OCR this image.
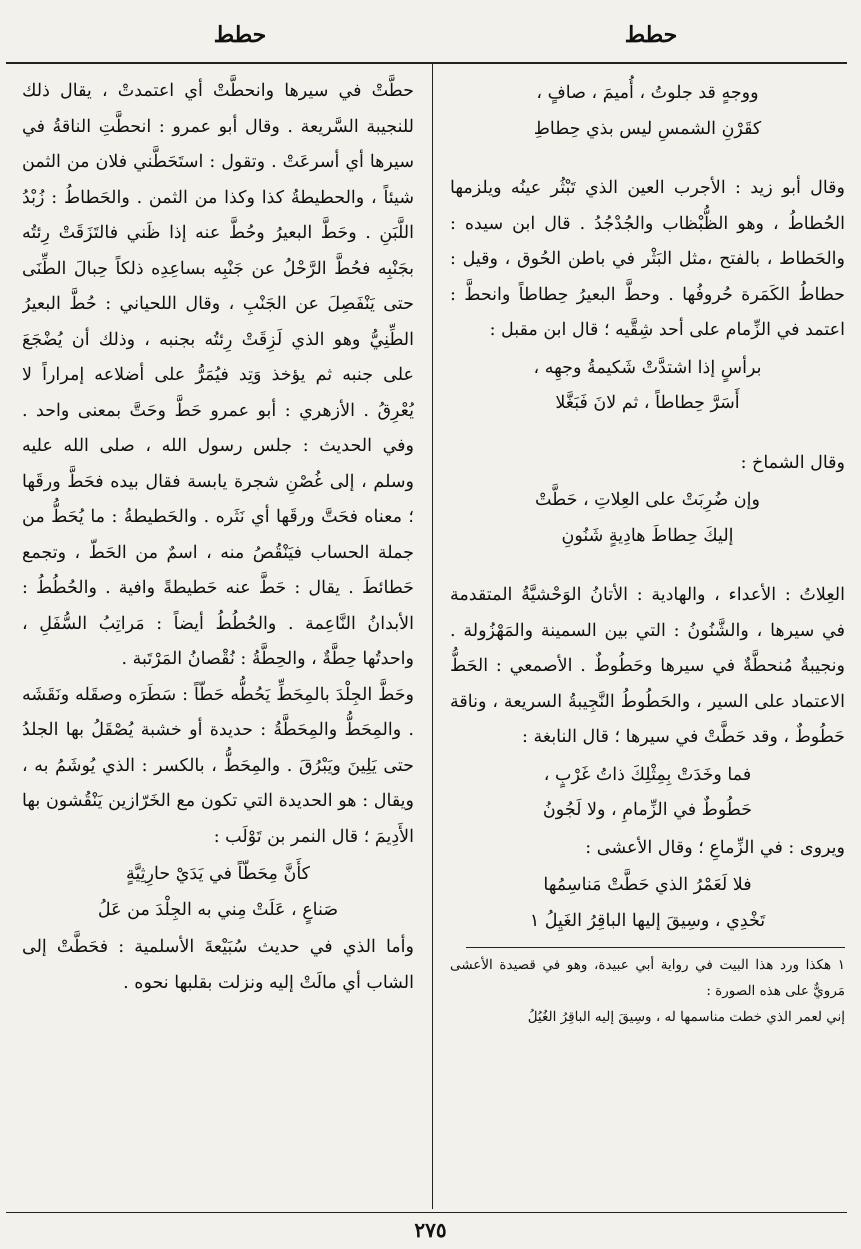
حطط
حطط
ووجهٍ قد جلوتُ ، أُميمَ ، صافٍ ،
كقَرْنِ الشمسِ ليس بذي حِطاطِ

وقال أبو زيد : الأجرب العين الذي تَبْثُر عينُه ويلزمها الحُطاطُ ، وهو الظُّبْظاب والجُدْجُدُ . قال ابن سيده : والحَطاط ، بالفتح ،مثل البَثْر في باطن الحُوق ، وقيل : حطاطُ الكَمَرة حُروفُها . وحطَّ البعيرُ حِطاطاً وانحطَّ : اعتمد في الزِّمام على أحد شِقَّيه ؛ قال ابن مقبل :

برأسٍ إذا اشتدَّتْ شَكيمةُ وجهِه ،
أَسَرَّ حِطاطاً ، ثم لانَ فَبَغَّلا

وقال الشماخ :

وإن ضُرِبَتْ على العِلاتِ ، حَطَّتْ
إليكَ حِطاطَ هادِيةٍ شَنُونِ

العِلاتُ : الأعداء ، والهادية : الأتانُ الوَحْشيَّةُ المتقدمة في سيرها ، والشَّنُونُ : التي بين السمينة والمَهْزُولة . ونجيبةٌ مُنحطَّةٌ في سيرها وحَطُوطٌ . الأصمعي : الحَطُّ الاعتماد على السير ، والحَطُوطُ النَّجِيبةُ السريعة ، وناقة حَطُوطٌ ، وقد حَطَّتْ في سيرها ؛ قال النابغة :

فما وخَدَتْ بِمِثْلِكَ ذاتُ غَرْبٍ ،
حَطُوطٌ في الزِّمامِ ، ولا لَجُونُ

ويروى : في الزِّماعِ ؛ وقال الأعشى :

فلا لَعَمْرُ الذي حَطَّتْ مَناسِمُها
تَخْدِي ، وسِيقَ إليها الباقِرُ الغَيِلُ ١
١ هكذا ورد هذا البيت في رواية أبي عبيدة، وهو في قصيدة الأعشى مَرويٌّ على هذه الصورة :
إني لعمر الذي خطت مناسمها له ، وسِيقَ إليه الباقِرُ الغُيُلُ

حطَّتْ في سيرها وانحطَّتْ أي اعتمدتْ ، يقال ذلك للنجيبة السَّريعة . وقال أبو عمرو : انحطَّتِ الناقةُ في سيرها أي أسرعَتْ . وتقول : استَحَطَّني فلان من الثمن شيئاً ، والحطيطةُ كذا وكذا من الثمن . والحَطاطُ : زُبْدُ اللَّبَنِ . وحَطَّ البعيرُ وحُطَّ عنه إذا ظَني فالتَزَقَتْ رِئتُه بجَنْبِه فحُطَّ الرَّحْلُ عن جَنْبِه بساعِدِه ذلكاً حِبالَ الطِّنَى حتى يَنْفَصِلَ عن الجَنْبِ ، وقال اللحياني : حُطَّ البعيرُ الطِّنِيُّ وهو الذي لَزِقَتْ رِئتُه بجنبه ، وذلك أن يُضْجَعَ على جنبه ثم يؤخذ وَتِد فيُمَرُّ على أضلاعه إمراراً لا يُعْرِقُ . الأزهري : أبو عمرو حَطَّ وحَتَّ بمعنى واحد . وفي الحديث : جلس رسول الله ، صلى الله عليه وسلم ، إلى غُصْنِ شجرة يابسة فقال بيده فحَطَّ ورقَها ؛ معناه فحَتَّ ورقَها أي نَثَره . والحَطيطةُ : ما يُحَطُّ من جملة الحساب فيَنْقُصُ منه ، اسمٌ من الحَطّ ، وتجمع حَطائطَ . يقال : حَطَّ عنه حَطيطةً وافية . والحُطُطُ : الأبدانُ النَّاعِمة . والحُطُطُ أيضاً : مَراتِبُ السُّفَلِ ، واحدتُها حِطَّةٌ ، والحِطَّةُ : نُقْصانُ المَرْتَبة .

وحَطَّ الجِلْدَ بالمِحَطِّ يَحُطُّه حَطّاً : سَطَرَه وصقَله ونَقَشَه . والمِحَطُّ والمِحَطَّةُ : حديدة أو خشبة يُصْقَلُ بها الجلدُ حتى يَلِينَ ويَبْرُقَ . والمِحَطُّ ، بالكسر : الذي يُوشَمُ به ، ويقال : هو الحديدة التي تكون مع الخَرّازين يَنْقُشون بها الأَدِيمَ ؛ قال النمر بن تَوْلَب :

كأَنَّ مِحَطّاً في يَدَيْ حارِثِيَّةٍ
صَناعٍ ، عَلَتْ مِني به الجِلْدَ من عَلُ

وأما الذي في حديث سُبَيْعةَ الأسلمية : فحَطَّتْ إلى الشاب أي مالَتْ إليه ونزلت بقلبها نحوه .

٢٧٥
